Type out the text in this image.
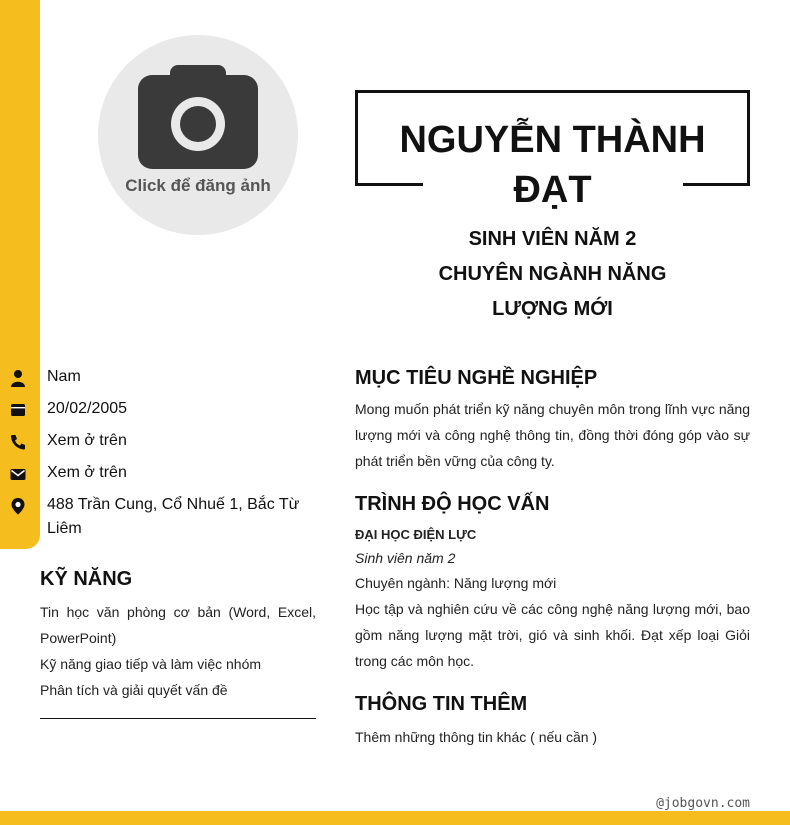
Click để đăng ảnh
NGUYỄN THÀNH
ĐẠT
SINH VIÊN NĂM 2
CHUYÊN NGÀNH NĂNG
LƯỢNG MỚI
Nam
20/02/2005
Xem ở trên
Xem ở trên
488 Trần Cung, Cổ Nhuế 1, Bắc Từ Liêm
KỸ NĂNG
Tin học văn phòng cơ bản (Word, Excel, PowerPoint)
Kỹ năng giao tiếp và làm việc nhóm
Phân tích và giải quyết vấn đề
MỤC TIÊU NGHỀ NGHIỆP
Mong muốn phát triển kỹ năng chuyên môn trong lĩnh vực năng lượng mới và công nghệ thông tin, đồng thời đóng góp vào sự phát triển bền vững của công ty.
TRÌNH ĐỘ HỌC VẤN
ĐẠI HỌC ĐIỆN LỰC
Sinh viên năm 2
Chuyên ngành: Năng lượng mới
Học tập và nghiên cứu về các công nghệ năng lượng mới, bao gồm năng lượng mặt trời, gió và sinh khối. Đạt xếp loại Giỏi trong các môn học.
THÔNG TIN THÊM
Thêm những thông tin khác ( nếu cần )
@jobgovn.com
